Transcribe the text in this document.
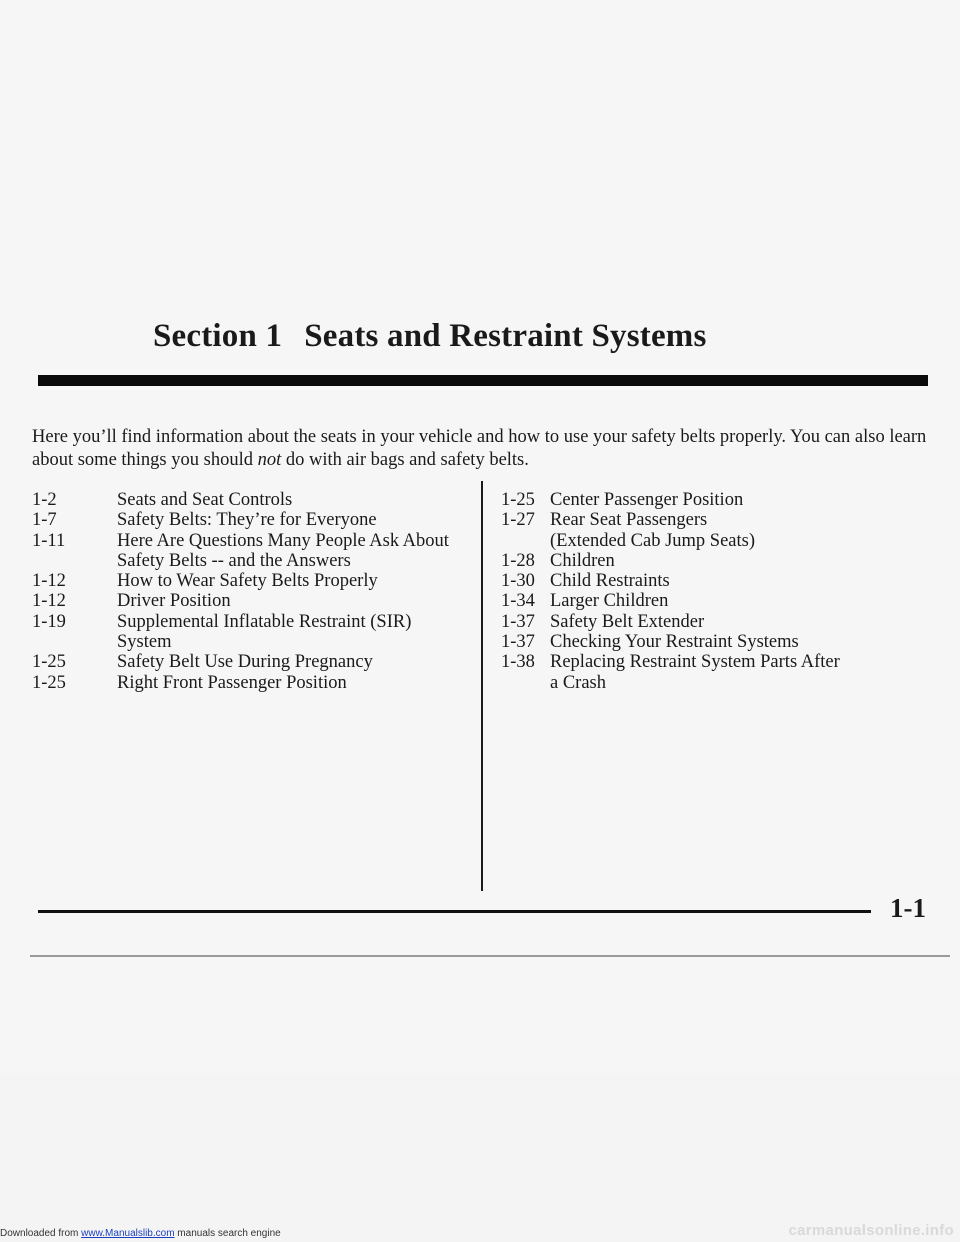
Section 1 Seats and Restraint Systems
Here you’ll find information about the seats in your vehicle and how to use your safety belts properly. You can also learn about some things you should not do with air bags and safety belts.
1-2	Seats and Seat Controls
1-7	Safety Belts: They’re for Everyone
1-11	Here Are Questions Many People Ask About
Safety Belts -- and the Answers
1-12	How to Wear Safety Belts Properly
1-12	Driver Position
1-19	Supplemental Inflatable Restraint (SIR)
System
1-25	Safety Belt Use During Pregnancy
1-25	Right Front Passenger Position
1-25 Center Passenger Position
1-27 Rear Seat Passengers
(Extended Cab Jump Seats)
1-28 Children
1-30 Child Restraints
1-34 Larger Children
1-37 Safety Belt Extender
1-37 Checking Your Restraint Systems
1-38 Replacing Restraint System Parts After
a Crash
1-1
Downloaded from www.Manualslib.com manuals search engine	carmanualsonline.info
